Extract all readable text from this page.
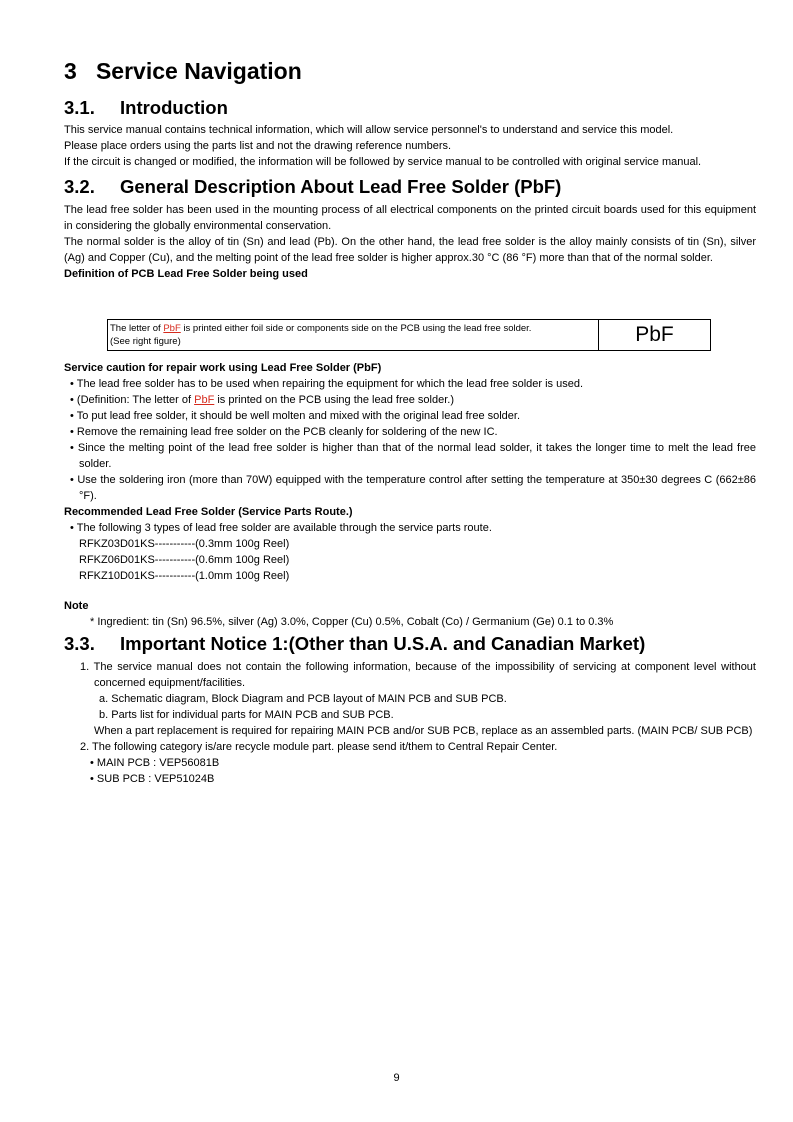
3   Service Navigation
3.1. Introduction

This service manual contains technical information, which will allow service personnel's to understand and service this model.

Please place orders using the parts list and not the drawing reference numbers.

If the circuit is changed or modified, the information will be followed by service manual to be controlled with original service manual.

3.2. General Description About Lead Free Solder (PbF)

The lead free solder has been used in the mounting process of all electrical components on the printed circuit boards used for this equipment in considering the globally environmental conservation.

The normal solder is the alloy of tin (Sn) and lead (Pb). On the other hand, the lead free solder is the alloy mainly consists of tin (Sn), silver (Ag) and Copper (Cu), and the melting point of the lead free solder is higher approx.30 °C (86 °F) more than that of the normal solder.

Definition of PCB Lead Free Solder being used

The letter of PbF is printed either foil side or components side on the PCB using the lead free solder.
(See right figure)	PbF

Service caution for repair work using Lead Free Solder (PbF)

• The lead free solder has to be used when repairing the equipment for which the lead free solder is used.

• (Definition: The letter of PbF is printed on the PCB using the lead free solder.)

• To put lead free solder, it should be well molten and mixed with the original lead free solder.

• Remove the remaining lead free solder on the PCB cleanly for soldering of the new IC.

• Since the melting point of the lead free solder is higher than that of the normal lead solder, it takes the longer time to melt the lead free solder.

• Use the soldering iron (more than 70W) equipped with the temperature control after setting the temperature at 350±30 degrees C (662±86 °F).

Recommended Lead Free Solder (Service Parts Route.)

• The following 3 types of lead free solder are available through the service parts route.

RFKZ03D01KS-----------(0.3mm 100g Reel)

RFKZ06D01KS-----------(0.6mm 100g Reel)

RFKZ10D01KS-----------(1.0mm 100g Reel)

Note

* Ingredient: tin (Sn) 96.5%, silver (Ag) 3.0%, Copper (Cu) 0.5%, Cobalt (Co) / Germanium (Ge) 0.1 to 0.3%

3.3. Important Notice 1:(Other than U.S.A. and Canadian Market)

1. The service manual does not contain the following information, because of the impossibility of servicing at component level without concerned equipment/facilities.

a. Schematic diagram, Block Diagram and PCB layout of MAIN PCB and SUB PCB.

b. Parts list for individual parts for MAIN PCB and SUB PCB.

When a part replacement is required for repairing MAIN PCB and/or SUB PCB, replace as an assembled parts. (MAIN PCB/ SUB PCB)

2. The following category is/are recycle module part. please send it/them to Central Repair Center.

• MAIN PCB : VEP56081B

• SUB PCB : VEP51024B

9
